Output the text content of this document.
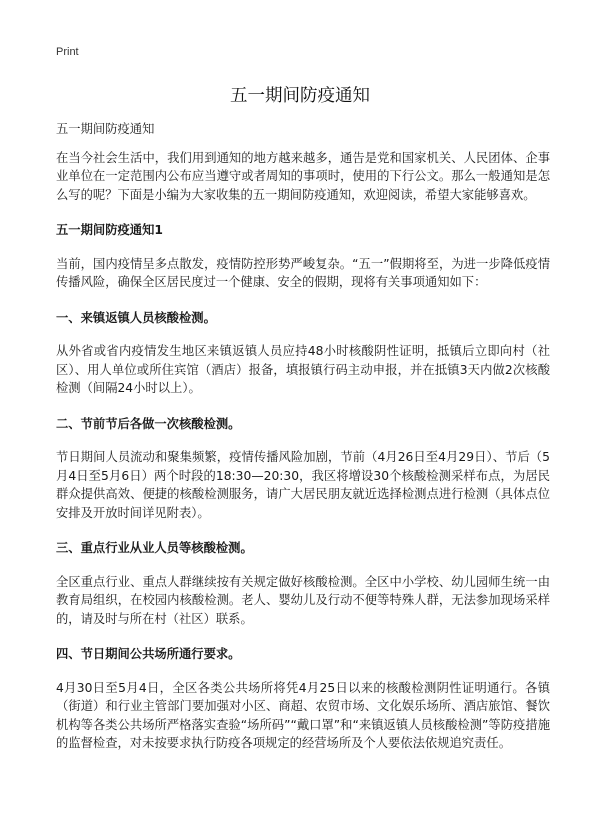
Print
五一期间防疫通知

五一期间防疫通知

在当今社会生活中，我们用到通知的地方越来越多，通告是党和国家机关、人民团体、企事业单位在一定范围内公布应当遵守或者周知的事项时，使用的下行公文。那么一般通知是怎么写的呢？下面是小编为大家收集的五一期间防疫通知，欢迎阅读，希望大家能够喜欢。

五一期间防疫通知1

当前，国内疫情呈多点散发，疫情防控形势严峻复杂。“五一”假期将至，为进一步降低疫情传播风险，确保全区居民度过一个健康、安全的假期，现将有关事项通知如下：

一、来镇返镇人员核酸检测。

从外省或省内疫情发生地区来镇返镇人员应持48小时核酸阴性证明，抵镇后立即向村（社区）、用人单位或所住宾馆（酒店）报备，填报镇行码主动申报，并在抵镇3天内做2次核酸检测（间隔24小时以上）。

二、节前节后各做一次核酸检测。

节日期间人员流动和聚集频繁，疫情传播风险加剧，节前（4月26日至4月29日）、节后（5月4日至5月6日）两个时段的18:30—20:30，我区将增设30个核酸检测采样布点，为居民群众提供高效、便捷的核酸检测服务，请广大居民朋友就近选择检测点进行检测（具体点位安排及开放时间详见附表）。

三、重点行业从业人员等核酸检测。

全区重点行业、重点人群继续按有关规定做好核酸检测。全区中小学校、幼儿园师生统一由教育局组织，在校园内核酸检测。老人、婴幼儿及行动不便等特殊人群，无法参加现场采样的，请及时与所在村（社区）联系。

四、节日期间公共场所通行要求。

4月30日至5月4日，全区各类公共场所将凭4月25日以来的核酸检测阴性证明通行。各镇（街道）和行业主管部门要加强对小区、商超、农贸市场、文化娱乐场所、酒店旅馆、餐饮机构等各类公共场所严格落实查验“场所码”“戴口罩”和“来镇返镇人员核酸检测”等防疫措施的监督检查，对未按要求执行防疫各项规定的经营场所及个人要依法依规追究责任。
